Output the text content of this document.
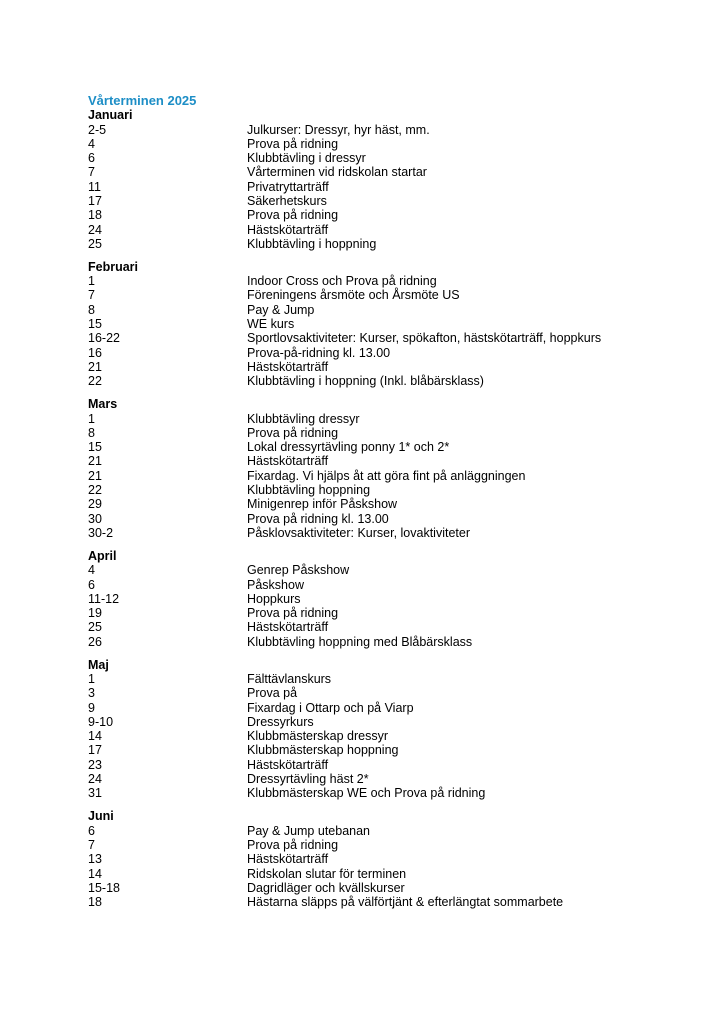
Vårterminen 2025
Januari
2-5	Julkurser: Dressyr, hyr häst, mm.
4	Prova på ridning
6	Klubbtävling i dressyr
7	Vårterminen vid ridskolan startar
11	Privatryttarträff
17	Säkerhetskurs
18	Prova på ridning
24	Hästskötarträff
25	Klubbtävling i hoppning
Februari
1	Indoor Cross och Prova på ridning
7	Föreningens årsmöte och Årsmöte US
8	Pay & Jump
15	WE kurs
16-22	Sportlovsaktiviteter: Kurser, spökafton, hästskötarträff, hoppkurs
16	Prova-på-ridning kl. 13.00
21	Hästskötarträff
22	Klubbtävling i hoppning (Inkl. blåbärsklass)
Mars
1	Klubbtävling dressyr
8	Prova på ridning
15	Lokal dressyrtävling ponny 1* och 2*
21	Hästskötarträff
21	Fixardag. Vi hjälps åt att göra fint på anläggningen
22	Klubbtävling hoppning
29	Minigenrep inför Påskshow
30	Prova på ridning kl. 13.00
30-2	Påsklovsaktiviteter: Kurser, lovaktiviteter
April
4	Genrep Påskshow
6	Påskshow
11-12	Hoppkurs
19	Prova på ridning
25	Hästskötarträff
26	Klubbtävling hoppning med Blåbärsklass
Maj
1	Fälttävlanskurs
3	Prova på
9	Fixardag i Ottarp och på Viarp
9-10	Dressyrkurs
14	Klubbmästerskap dressyr
17	Klubbmästerskap hoppning
23	Hästskötarträff
24	Dressyrtävling häst 2*
31	Klubbmästerskap WE och Prova på ridning
Juni
6	Pay & Jump utebanan
7	Prova på ridning
13	Hästskötarträff
14	Ridskolan slutar för terminen
15-18	Dagridläger och kvällskurser
18	Hästarna släpps på välförtjänt & efterlängtat sommarbete
